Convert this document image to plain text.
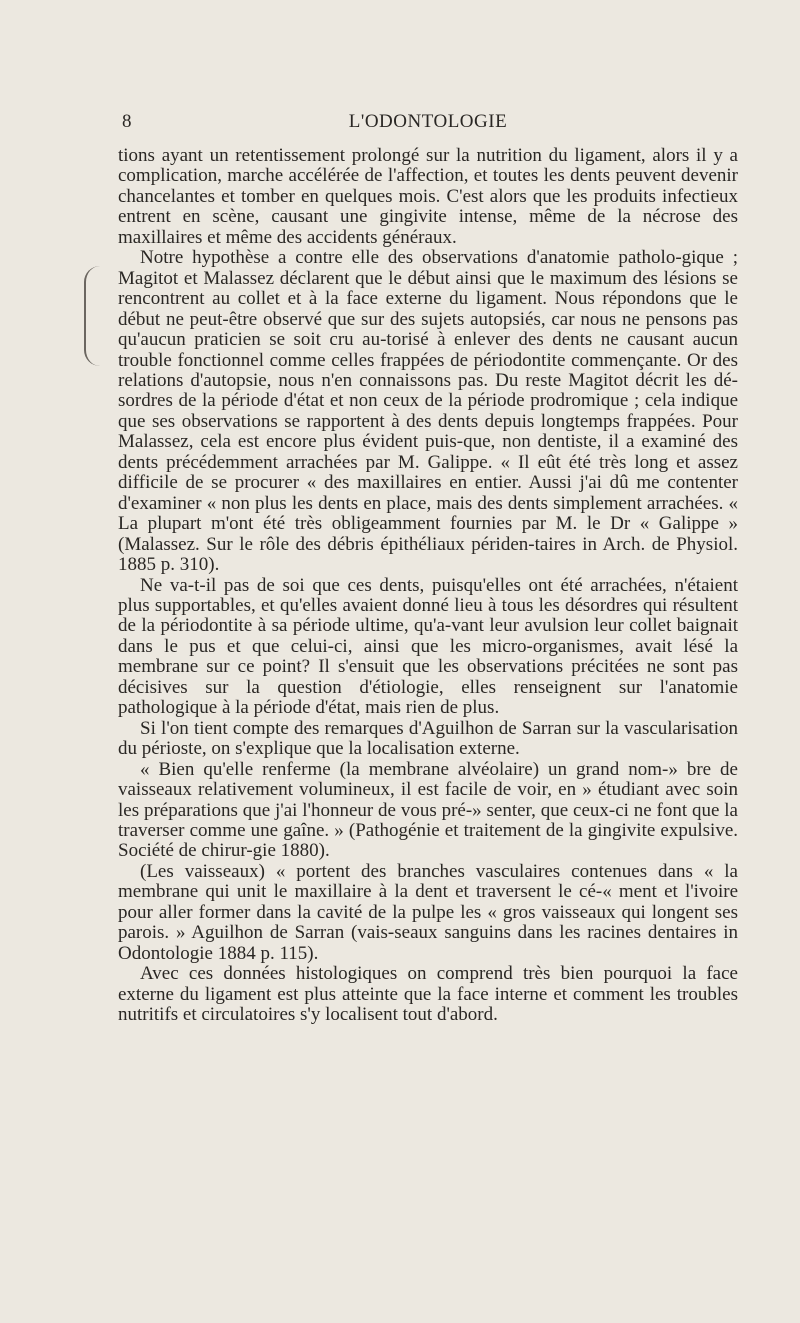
8	L'ODONTOLOGIE

tions ayant un retentissement prolongé sur la nutrition du ligament, alors il y a complication, marche accélérée de l'affection, et toutes les dents peuvent devenir chancelantes et tomber en quelques mois. C'est alors que les produits infectieux entrent en scène, causant une gingivite intense, même de la nécrose des maxillaires et même des accidents généraux.

Notre hypothèse a contre elle des observations d'anatomie patholo-gique ; Magitot et Malassez déclarent que le début ainsi que le maximum des lésions se rencontrent au collet et à la face externe du ligament. Nous répondons que le début ne peut-être observé que sur des sujets autopsiés, car nous ne pensons pas qu'aucun praticien se soit cru au-torisé à enlever des dents ne causant aucun trouble fonctionnel comme celles frappées de périodontite commençante. Or des relations d'autopsie, nous n'en connaissons pas. Du reste Magitot décrit les dé-sordres de la période d'état et non ceux de la période prodromique ; cela indique que ses observations se rapportent à des dents depuis longtemps frappées. Pour Malassez, cela est encore plus évident puis-que, non dentiste, il a examiné des dents précédemment arrachées par M. Galippe. « Il eût été très long et assez difficile de se procurer « des maxillaires en entier. Aussi j'ai dû me contenter d'examiner « non plus les dents en place, mais des dents simplement arrachées. « La plupart m'ont été très obligeamment fournies par M. le Dr « Galippe » (Malassez. Sur le rôle des débris épithéliaux périden-taires in Arch. de Physiol. 1885 p. 310).

Ne va-t-il pas de soi que ces dents, puisqu'elles ont été arrachées, n'étaient plus supportables, et qu'elles avaient donné lieu à tous les désordres qui résultent de la périodontite à sa période ultime, qu'a-vant leur avulsion leur collet baignait dans le pus et que celui-ci, ainsi que les micro-organismes, avait lésé la membrane sur ce point? Il s'ensuit que les observations précitées ne sont pas décisives sur la question d'étiologie, elles renseignent sur l'anatomie pathologique à la période d'état, mais rien de plus.

Si l'on tient compte des remarques d'Aguilhon de Sarran sur la vascularisation du périoste, on s'explique que la localisation externe.

« Bien qu'elle renferme (la membrane alvéolaire) un grand nom-» bre de vaisseaux relativement volumineux, il est facile de voir, en » étudiant avec soin les préparations que j'ai l'honneur de vous pré-» senter, que ceux-ci ne font que la traverser comme une gaîne. » (Pathogénie et traitement de la gingivite expulsive. Société de chirur-gie 1880).

(Les vaisseaux) « portent des branches vasculaires contenues dans « la membrane qui unit le maxillaire à la dent et traversent le cé-« ment et l'ivoire pour aller former dans la cavité de la pulpe les « gros vaisseaux qui longent ses parois. » Aguilhon de Sarran (vais-seaux sanguins dans les racines dentaires in Odontologie 1884 p. 115).

Avec ces données histologiques on comprend très bien pourquoi la face externe du ligament est plus atteinte que la face interne et comment les troubles nutritifs et circulatoires s'y localisent tout d'abord.
